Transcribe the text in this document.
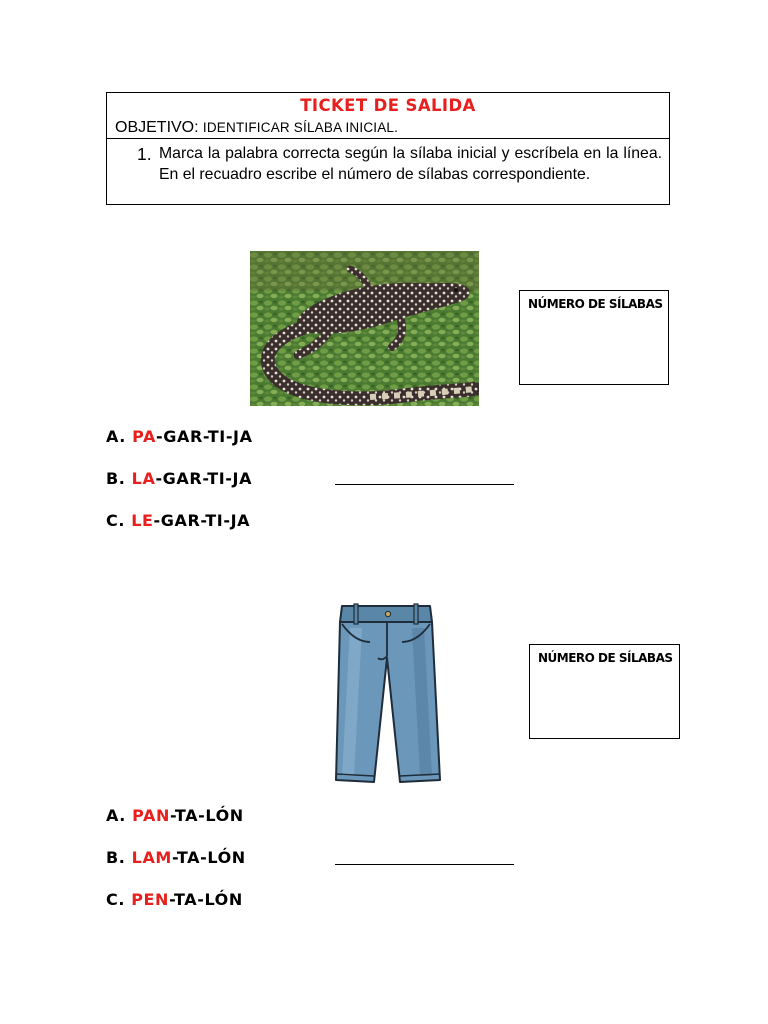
TICKET DE SALIDA
OBJETIVO: IDENTIFICAR SÍLABA INICIAL.
1. Marca la palabra correcta según la sílaba inicial y escríbela en la línea. En el recuadro escribe el número de sílabas correspondiente.
NÚMERO DE SÍLABAS
A. PA-GAR-TI-JA
B. LA-GAR-TI-JA
C. LE-GAR-TI-JA
NÚMERO DE SÍLABAS
A. PAN-TA-LÓN
B. LAM-TA-LÓN
C. PEN-TA-LÓN
